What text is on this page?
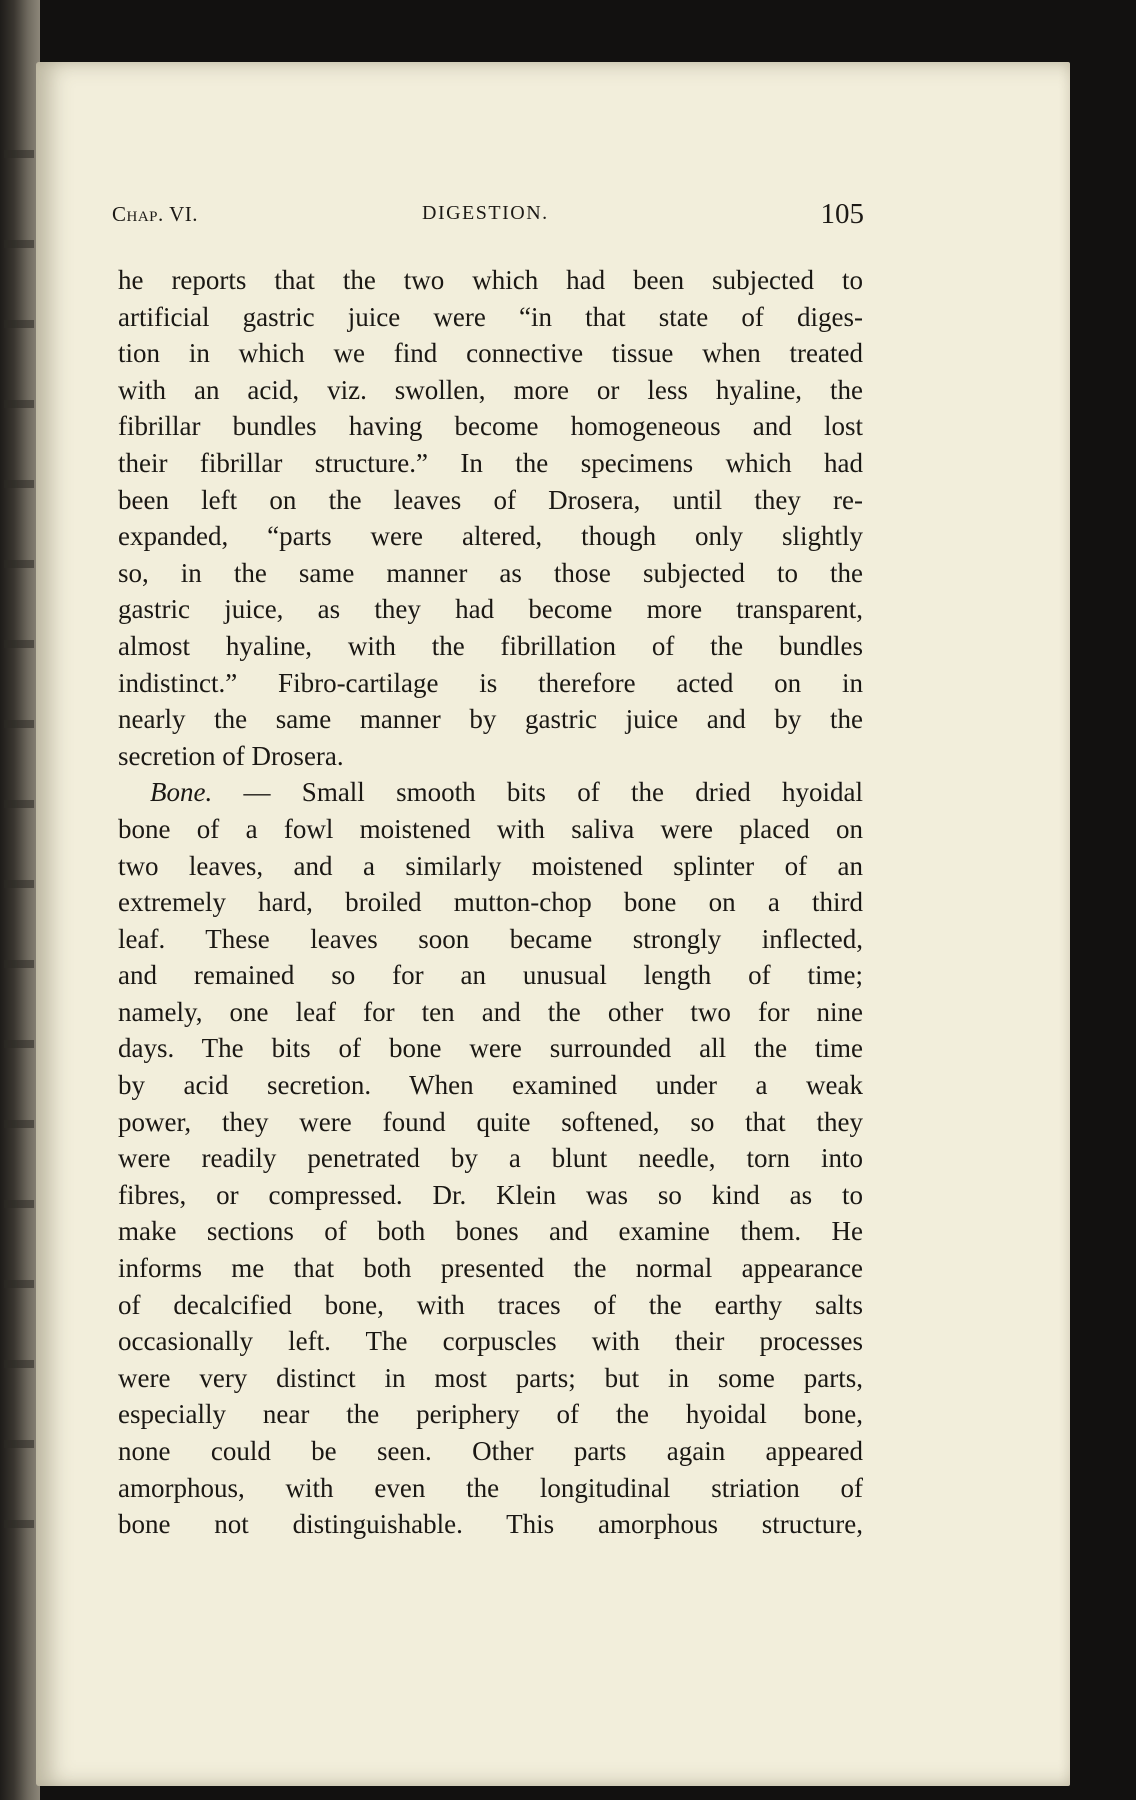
Chap. VI.	DIGESTION.	105
he reports that the two which had been subjected to
artificial gastric juice were “in that state of diges-
tion in which we find connective tissue when treated
with an acid, viz. swollen, more or less hyaline, the
fibrillar bundles having become homogeneous and lost
their fibrillar structure.” In the specimens which had
been left on the leaves of Drosera, until they re-
expanded, “parts were altered, though only slightly
so, in the same manner as those subjected to the
gastric juice, as they had become more transparent,
almost hyaline, with the fibrillation of the bundles
indistinct.” Fibro-cartilage is therefore acted on in
nearly the same manner by gastric juice and by the
secretion of Drosera.
Bone. — Small smooth bits of the dried hyoidal
bone of a fowl moistened with saliva were placed on
two leaves, and a similarly moistened splinter of an
extremely hard, broiled mutton-chop bone on a third
leaf. These leaves soon became strongly inflected,
and remained so for an unusual length of time;
namely, one leaf for ten and the other two for nine
days. The bits of bone were surrounded all the time
by acid secretion. When examined under a weak
power, they were found quite softened, so that they
were readily penetrated by a blunt needle, torn into
fibres, or compressed. Dr. Klein was so kind as to
make sections of both bones and examine them. He
informs me that both presented the normal appearance
of decalcified bone, with traces of the earthy salts
occasionally left. The corpuscles with their processes
were very distinct in most parts; but in some parts,
especially near the periphery of the hyoidal bone,
none could be seen. Other parts again appeared
amorphous, with even the longitudinal striation of
bone not distinguishable. This amorphous structure,
